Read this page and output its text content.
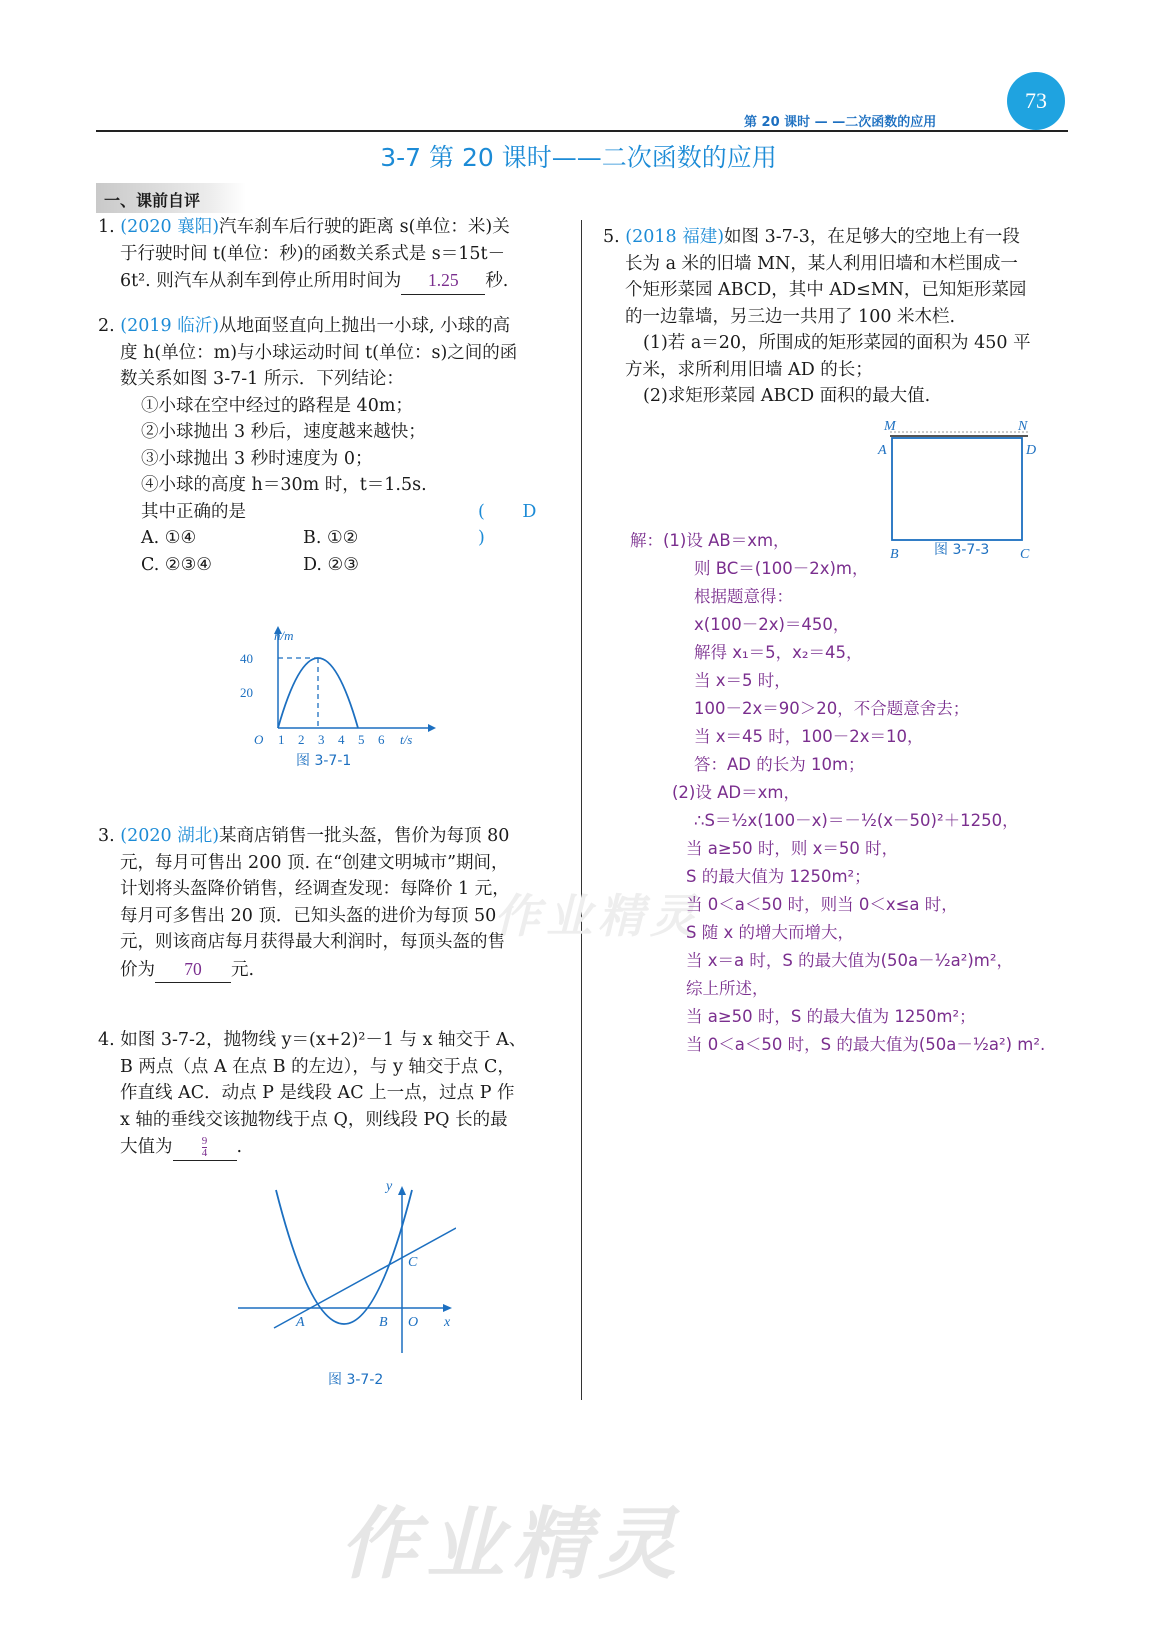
73
第 20 课时 — —二次函数的应用
3-7 第 20 课时——二次函数的应用
一、课前自评
作业精灵
作业精灵

1. (2020 襄阳)汽车刹车后行驶的距离 s(单位：米)关

于行驶时间 t(单位：秒)的函数关系式是 s＝15t－

6t². 则汽车从刹车到停止所用时间为 1.25 秒.

2. (2019 临沂)从地面竖直向上抛出一小球, 小球的高

度 h(单位：m)与小球运动时间 t(单位：s)之间的函

数关系如图 3-7-1 所示．下列结论：

①小球在空中经过的路程是 40m；

②小球抛出 3 秒后，速度越来越快；

③小球抛出 3 秒时速度为 0；

④小球的高度 h＝30m 时，t＝1.5s.

其中正确的是	( D )

A. ①④	B. ①②

C. ②③④	D. ②③

h/m
40
20
O 1 2 3 4 5 6 t/s
图 3-7-1

3. (2020 湖北)某商店销售一批头盔，售价为每顶 80

元，每月可售出 200 顶. 在“创建文明城市”期间，

计划将头盔降价销售，经调查发现：每降价 1 元，

每月可多售出 20 顶．已知头盔的进价为每顶 50

元，则该商店每月获得最大利润时，每顶头盔的售

价为 70 元.

4. 如图 3-7-2，抛物线 y＝(x+2)²－1 与 x 轴交于 A、

B 两点（点 A 在点 B 的左边），与 y 轴交于点 C，

作直线 AC．动点 P 是线段 AC 上一点，过点 P 作

x 轴的垂线交该抛物线于点 Q，则线段 PQ 长的最

大值为	$\frac{9}{4}$ .

y
x
A	B O
C
图 3-7-2

5. (2018 福建)如图 3-7-3，在足够大的空地上有一段

长为 a 米的旧墙 MN，某人利用旧墙和木栏围成一

个矩形菜园 ABCD，其中 AD≤MN，已知矩形菜园

的一边靠墙，另三边一共用了 100 米木栏.

(1)若 a＝20，所围成的矩形菜园的面积为 450 平

方米，求所利用旧墙 AD 的长；

(2)求矩形菜园 ABCD 面积的最大值.

M	N
A	D
B	C
图 3-7-3

解：(1)设 AB＝xm，

则 BC＝(100－2x)m，

根据题意得：

x(100－2x)＝450，

解得 x₁＝5，x₂＝45，

当 x＝5 时，

100－2x＝90＞20，不合题意舍去；

当 x＝45 时，100－2x＝10，

答：AD 的长为 10m；

(2)设 AD＝xm，

∴S＝½x(100－x)＝－½(x－50)²＋1250，

当 a≥50 时，则 x＝50 时，

S 的最大值为 1250m²；

当 0＜a＜50 时，则当 0＜x≤a 时，

S 随 x 的增大而增大，

当 x＝a 时，S 的最大值为(50a－½a²)m²，

综上所述，

当 a≥50 时，S 的最大值为 1250m²；

当 0＜a＜50 时，S 的最大值为(50a－½a²) m².
